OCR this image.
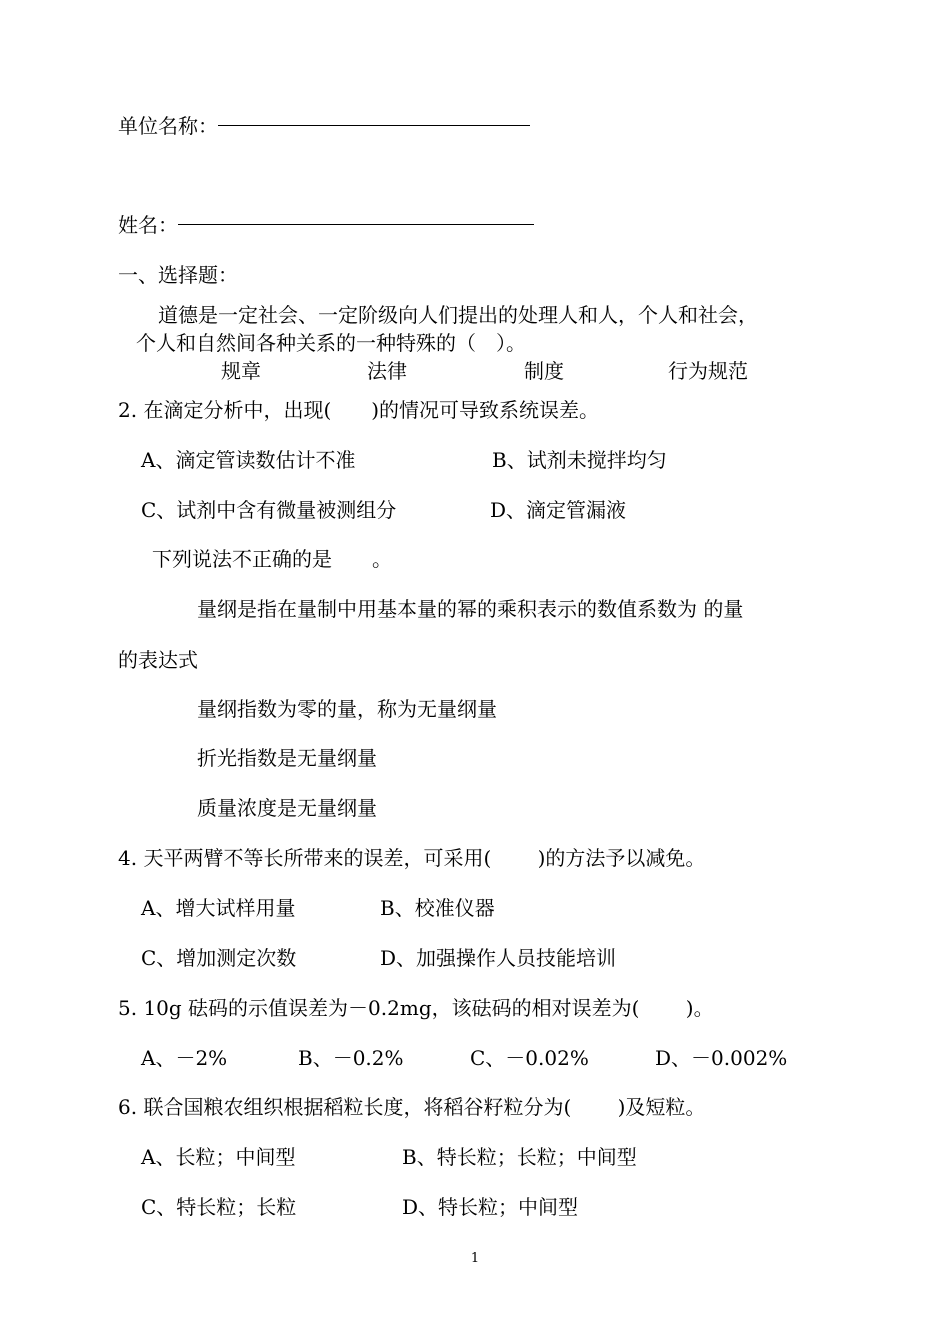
单位名称：
姓名：
一、选择题：
道德是一定社会、一定阶级向人们提出的处理人和人，个人和社会，
个人和自然间各种关系的一种特殊的（　）。
规章	法律	制度	行为规范
2. 在滴定分析中，出现(　　)的情况可导致系统误差。
A、滴定管读数估计不准	B、试剂未搅拌均匀
C、试剂中含有微量被测组分	D、滴定管漏液
下列说法不正确的是　　。
量纲是指在量制中用基本量的幂的乘积表示的数值系数为 的量
的表达式
量纲指数为零的量，称为无量纲量
折光指数是无量纲量
质量浓度是无量纲量
4. 天平两臂不等长所带来的误差，可采用(　　 )的方法予以减免。
A、增大试样用量	B、校准仪器
C、增加测定次数	D、加强操作人员技能培训
5. 10g 砝码的示值误差为－0.2mg，该砝码的相对误差为(　　 )。
A、－2%	B、－0.2%	C、－0.02%	D、－0.002%
6. 联合国粮农组织根据稻粒长度，将稻谷籽粒分为(　　 )及短粒。
A、长粒；中间型	B、特长粒；长粒；中间型
C、特长粒；长粒	D、特长粒；中间型
1
